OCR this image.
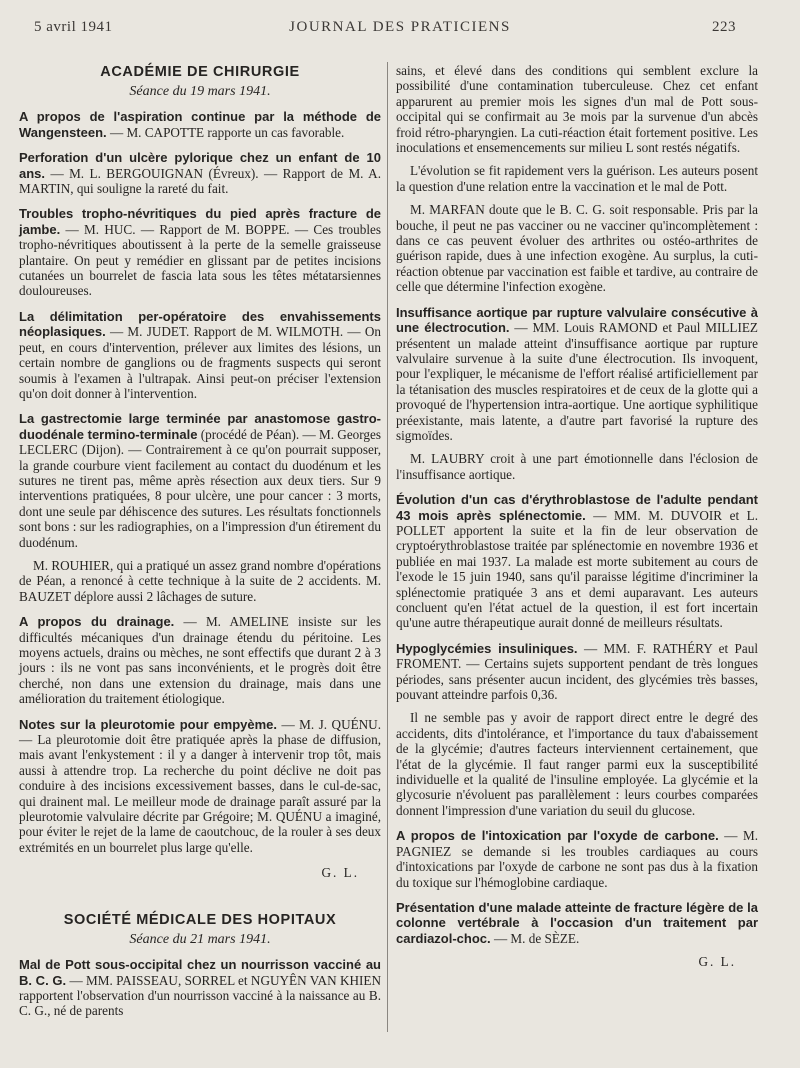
5 avril 1941	JOURNAL DES PRATICIENS	223
ACADÉMIE DE CHIRURGIE
Séance du 19 mars 1941.

A propos de l'aspiration continue par la méthode de Wangensteen. — M. CAPOTTE rapporte un cas favorable.

Perforation d'un ulcère pylorique chez un enfant de 10 ans. — M. L. BERGOUIGNAN (Évreux). — Rapport de M. A. MARTIN, qui souligne la rareté du fait.

Troubles tropho-névritiques du pied après fracture de jambe. — M. HUC. — Rapport de M. BOPPE. — Ces troubles tropho-névritiques aboutissent à la perte de la semelle graisseuse plantaire. On peut y remédier en glissant par de petites incisions cutanées un bourrelet de fascia lata sous les têtes métatarsiennes douloureuses.

La délimitation per-opératoire des envahissements néoplasiques. — M. JUDET. Rapport de M. WILMOTH. — On peut, en cours d'intervention, prélever aux limites des lésions, un certain nombre de ganglions ou de fragments suspects qui seront soumis à l'examen à l'ultrapak. Ainsi peut-on préciser l'extension qu'on doit donner à l'intervention.

La gastrectomie large terminée par anastomose gastro-duodénale termino-terminale (procédé de Péan). — M. Georges LECLERC (Dijon). — Contrairement à ce qu'on pourrait supposer, la grande courbure vient facilement au contact du duodénum et les sutures ne tirent pas, même après résection aux deux tiers. Sur 9 interventions pratiquées, 8 pour ulcère, une pour cancer : 3 morts, dont une seule par déhiscence des sutures. Les résultats fonctionnels sont bons : sur les radiographies, on a l'impression d'un étirement du duodénum.

M. ROUHIER, qui a pratiqué un assez grand nombre d'opérations de Péan, a renoncé à cette technique à la suite de 2 accidents. M. BAUZET déplore aussi 2 lâchages de suture.

A propos du drainage. — M. AMELINE insiste sur les difficultés mécaniques d'un drainage étendu du péritoine. Les moyens actuels, drains ou mèches, ne sont effectifs que durant 2 à 3 jours : ils ne vont pas sans inconvénients, et le progrès doit être cherché, non dans une extension du drainage, mais dans une amélioration du traitement étiologique.

Notes sur la pleurotomie pour empyème. — M. J. QUÉNU. — La pleurotomie doit être pratiquée après la phase de diffusion, mais avant l'enkystement : il y a danger à intervenir trop tôt, mais aussi à attendre trop. La recherche du point déclive ne doit pas conduire à des incisions excessivement basses, dans le cul-de-sac, qui drainent mal. Le meilleur mode de drainage paraît assuré par la pleurotomie valvulaire décrite par Grégoire; M. QUÉNU a imaginé, pour éviter le rejet de la lame de caoutchouc, de la rouler à ses deux extrémités en un bourrelet plus large qu'elle.

G. L.
SOCIÉTÉ MÉDICALE DES HOPITAUX
Séance du 21 mars 1941.

Mal de Pott sous-occipital chez un nourrisson vacciné au B. C. G. — MM. PAISSEAU, SORREL et NGUYÊN VAN KHIEN rapportent l'observation d'un nourrisson vacciné à la naissance au B. C. G., né de parents

sains, et élevé dans des conditions qui semblent exclure la possibilité d'une contamination tuberculeuse. Chez cet enfant apparurent au premier mois les signes d'un mal de Pott sous-occipital qui se confirmait au 3e mois par la survenue d'un abcès froid rétro-pharyngien. La cuti-réaction était fortement positive. Les inoculations et ensemencements sur milieu L sont restés négatifs.

L'évolution se fit rapidement vers la guérison. Les auteurs posent la question d'une relation entre la vaccination et le mal de Pott.

M. MARFAN doute que le B. C. G. soit responsable. Pris par la bouche, il peut ne pas vacciner ou ne vacciner qu'incomplètement : dans ce cas peuvent évoluer des arthrites ou ostéo-arthrites de guérison rapide, dues à une infection exogène. Au surplus, la cuti-réaction obtenue par vaccination est faible et tardive, au contraire de celle que détermine l'infection exogène.

Insuffisance aortique par rupture valvulaire consécutive à une électrocution. — MM. Louis RAMOND et Paul MILLIEZ présentent un malade atteint d'insuffisance aortique par rupture valvulaire survenue à la suite d'une électrocution. Ils invoquent, pour l'expliquer, le mécanisme de l'effort réalisé artificiellement par la tétanisation des muscles respiratoires et de ceux de la glotte qui a provoqué de l'hypertension intra-aortique. Une aortique syphilitique préexistante, mais latente, a d'autre part favorisé la rupture des sigmoïdes.

M. LAUBRY croit à une part émotionnelle dans l'éclosion de l'insuffisance aortique.

Évolution d'un cas d'érythroblastose de l'adulte pendant 43 mois après splénectomie. — MM. M. DUVOIR et L. POLLET apportent la suite et la fin de leur observation de cryptoérythroblastose traitée par splénectomie en novembre 1936 et publiée en mai 1937. La malade est morte subitement au cours de l'exode le 15 juin 1940, sans qu'il paraisse légitime d'incriminer la splénectomie pratiquée 3 ans et demi auparavant. Les auteurs concluent qu'en l'état actuel de la question, il est fort incertain qu'une autre thérapeutique aurait donné de meilleurs résultats.

Hypoglycémies insuliniques. — MM. F. RATHÉRY et Paul FROMENT. — Certains sujets supportent pendant de très longues périodes, sans présenter aucun incident, des glycémies très basses, pouvant atteindre parfois 0,36.

Il ne semble pas y avoir de rapport direct entre le degré des accidents, dits d'intolérance, et l'importance du taux d'abaissement de la glycémie; d'autres facteurs interviennent certainement, que l'état de la glycémie. Il faut ranger parmi eux la susceptibilité individuelle et la qualité de l'insuline employée. La glycémie et la glycosurie n'évoluent pas parallèlement : leurs courbes comparées donnent l'impression d'une variation du seuil du glucose.

A propos de l'intoxication par l'oxyde de carbone. — M. PAGNIEZ se demande si les troubles cardiaques au cours d'intoxications par l'oxyde de carbone ne sont pas dus à la fixation du toxique sur l'hémoglobine cardiaque.

Présentation d'une malade atteinte de fracture légère de la colonne vertébrale à l'occasion d'un traitement par cardiazol-choc. — M. de SÈZE.

G. L.
